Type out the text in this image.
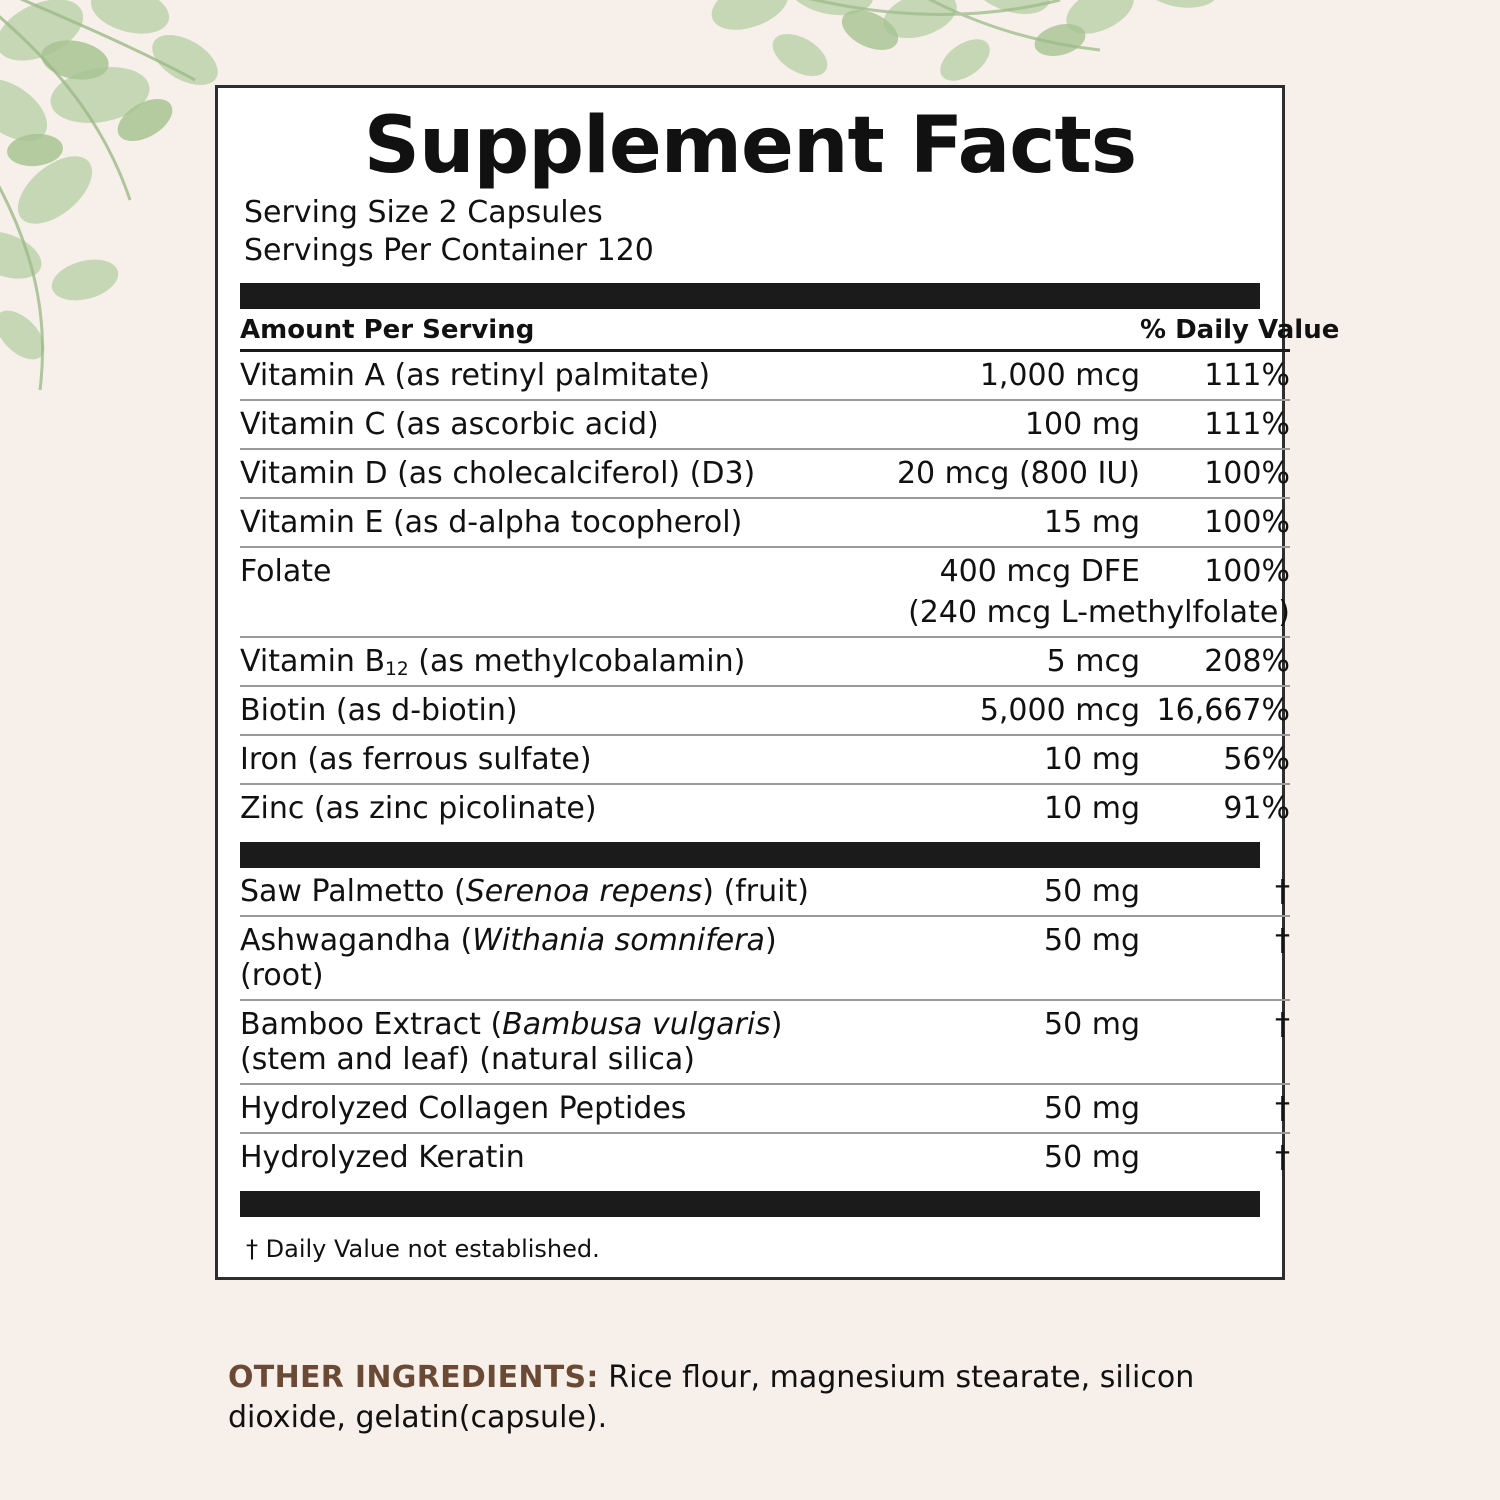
Supplement Facts
Serving Size 2 Capsules
Servings Per Container 120
Amount Per Serving		% Daily Value
Vitamin A (as retinyl palmitate)	1,000 mcg	111%
Vitamin C (as ascorbic acid)	100 mg	111%
Vitamin D (as cholecalciferol) (D3)	20 mcg (800 IU)	100%
Vitamin E (as d-alpha tocopherol)	15 mg	100%
Folate	400 mcg DFE	100%
	(240 mcg L-methylfolate)	
Vitamin B12 (as methylcobalamin)	5 mcg	208%
Biotin (as d-biotin)	5,000 mcg	16,667%
Iron (as ferrous sulfate)	10 mg	56%
Zinc (as zinc picolinate)	10 mg	91%
Saw Palmetto (Serenoa repens) (fruit)	50 mg	†
Ashwagandha (Withania somnifera) (root)	50 mg	†
Bamboo Extract (Bambusa vulgaris)
(stem and leaf) (natural silica)	50 mg	†
Hydrolyzed Collagen Peptides	50 mg	†
Hydrolyzed Keratin	50 mg	†
† Daily Value not established.
OTHER INGREDIENTS: Rice flour, magnesium stearate, silicon dioxide, gelatin(capsule).
